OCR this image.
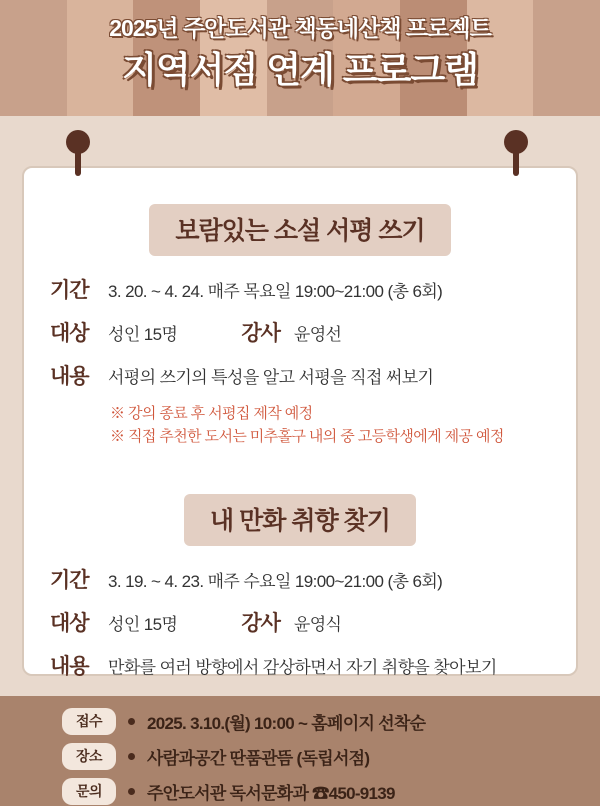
2025년 주안도서관 책동네산책 프로젝트
지역서점 연계 프로그램
보람있는 소설 서평 쓰기
기간	3. 20. ~ 4. 24. 매주 목요일 19:00~21:00 (총 6회)
대상	성인 15명	강사 윤영선
내용	서평의 쓰기의 특성을 알고 서평을 직접 써보기
※ 강의 종료 후 서평집 제작 예정
※ 직접 추천한 도서는 미추홀구 내의 중 고등학생에게 제공 예정
내 만화 취향 찾기
기간	3. 19. ~ 4. 23. 매주 수요일 19:00~21:00 (총 6회)
대상	성인 15명	강사 윤영식
내용	만화를 여러 방향에서 감상하면서 자기 취향을 찾아보기
접수	2025. 3.10.(월) 10:00 ~ 홈페이지 선착순
장소	사람과공간 딴품관뜸 (독립서점)
문의	주안도서관 독서문화과 ☎450-9139
